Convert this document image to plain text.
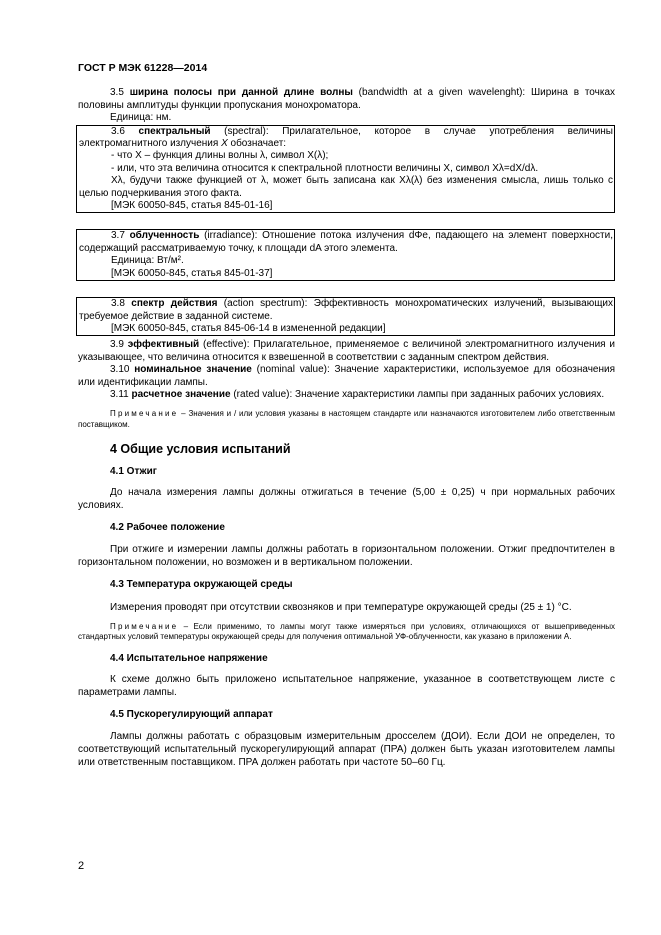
ГОСТ Р МЭК 61228—2014

3.5 ширина полосы при данной длине волны (bandwidth at a given wavelenght): Ширина в точках половины амплитуды функции пропускания монохроматора.

Единица: нм.

3.6 спектральный (spectral): Прилагательное, которое в случае употребления величины электромагнитного излучения X обозначает:

- что X – функция длины волны λ, символ X(λ);

- или, что эта величина относится к спектральной плотности величины X, символ Xλ=dX/dλ.

Xλ, будучи также функцией от λ, может быть записана как Xλ(λ) без изменения смысла, лишь только с целью подчеркивания этого факта.

[МЭК 60050-845, статья 845-01-16]

3.7 облученность (irradiance): Отношение потока излучения dΦe, падающего на элемент поверхности, содержащий рассматриваемую точку, к площади dA этого элемента.

Единица: Вт/м².

[МЭК 60050-845, статья 845-01-37]

3.8 спектр действия (action spectrum): Эффективность монохроматических излучений, вызывающих требуемое действие в заданной системе.

[МЭК 60050-845, статья 845-06-14 в измененной редакции]

3.9 эффективный (effective): Прилагательное, применяемое с величиной электромагнитного излучения и указывающее, что величина относится к взвешенной в соответствии с заданным спектром действия.

3.10 номинальное значение (nominal value): Значение характеристики, используемое для обозначения или идентификации лампы.

3.11 расчетное значение (rated value): Значение характеристики лампы при заданных рабочих условиях.

Примечание – Значения и / или условия указаны в настоящем стандарте или назначаются изготовителем либо ответственным поставщиком.

4 Общие условия испытаний
4.1 Отжиг

До начала измерения лампы должны отжигаться в течение (5,00 ± 0,25) ч при нормальных рабочих условиях.

4.2 Рабочее положение

При отжиге и измерении лампы должны работать в горизонтальном положении. Отжиг предпочтителен в горизонтальном положении, но возможен и в вертикальном положении.

4.3 Температура окружающей среды

Измерения проводят при отсутствии сквозняков и при температуре окружающей среды (25 ± 1) °С.

Примечание – Если применимо, то лампы могут также измеряться при условиях, отличающихся от вышеприведенных стандартных условий температуры окружающей среды для получения оптимальной УФ-облученности, как указано в приложении А.

4.4 Испытательное напряжение

К схеме должно быть приложено испытательное напряжение, указанное в соответствующем листе с параметрами лампы.

4.5 Пускорегулирующий аппарат

Лампы должны работать с образцовым измерительным дросселем (ДОИ). Если ДОИ не определен, то соответствующий испытательный пускорегулирующий аппарат (ПРА) должен быть указан изготовителем лампы или ответственным поставщиком. ПРА должен работать при частоте 50–60 Гц.

2
